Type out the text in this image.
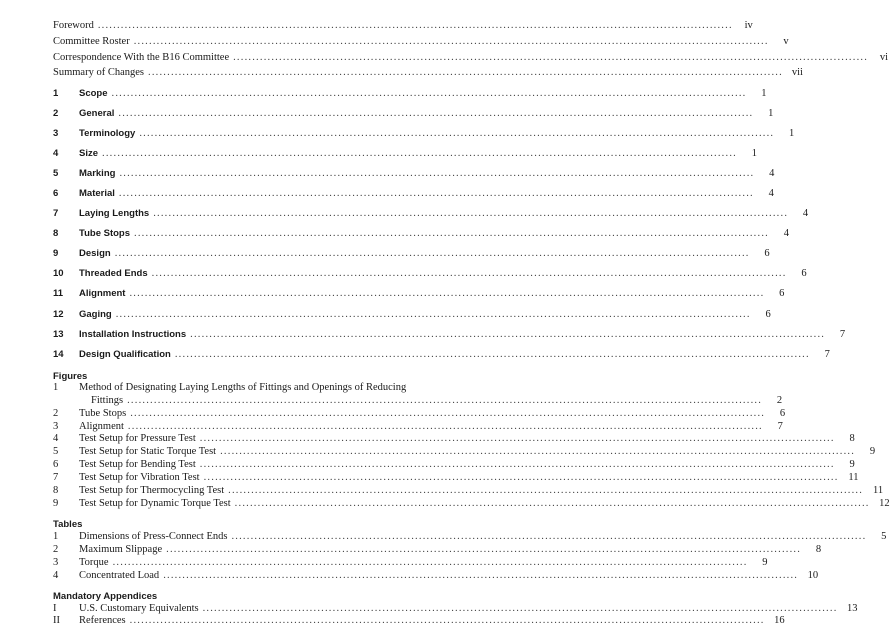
Foreword ......................................................................................................................................................................	iv
Committee Roster ......................................................................................................................................................................	v
Correspondence With the B16 Committee ......................................................................................................................................................................	vi
Summary of Changes ...................................................................................................................................................................... vii
1	Scope ......................................................................................................................................................................	1
2	General ......................................................................................................................................................................	1
3	Terminology ......................................................................................................................................................................	1
4	Size ......................................................................................................................................................................	1
5	Marking ......................................................................................................................................................................	4
6	Material ......................................................................................................................................................................	4
7	Laying Lengths ......................................................................................................................................................................	4
8	Tube Stops ......................................................................................................................................................................	4
9	Design ......................................................................................................................................................................	6
10	Threaded Ends ......................................................................................................................................................................	6
11	Alignment ......................................................................................................................................................................	6
12	Gaging ......................................................................................................................................................................	6
13	Installation Instructions ......................................................................................................................................................................	7
14	Design Qualification ......................................................................................................................................................................	7
Figures
1 Method of Designating Laying Lengths of Fittings and Openings of Reducing
Fittings ......................................................................................................................................................................	2
2	Tube Stops ......................................................................................................................................................................	6
3	Alignment ......................................................................................................................................................................	7
4	Test Setup for Pressure Test ......................................................................................................................................................................	8
5	Test Setup for Static Torque Test ......................................................................................................................................................................	9
6	Test Setup for Bending Test ......................................................................................................................................................................	9
7	Test Setup for Vibration Test ...................................................................................................................................................................... 11
8	Test Setup for Thermocycling Test ...................................................................................................................................................................... 11
9	Test Setup for Dynamic Torque Test ...................................................................................................................................................................... 12
Tables
1	Dimensions of Press-Connect Ends ......................................................................................................................................................................	5
2	Maximum Slippage ......................................................................................................................................................................	8
3	Torque ......................................................................................................................................................................	9
4	Concentrated Load ...................................................................................................................................................................... 10
Mandatory Appendices
I	U.S. Customary Equivalents ...................................................................................................................................................................... 13
II	References ...................................................................................................................................................................... 16
